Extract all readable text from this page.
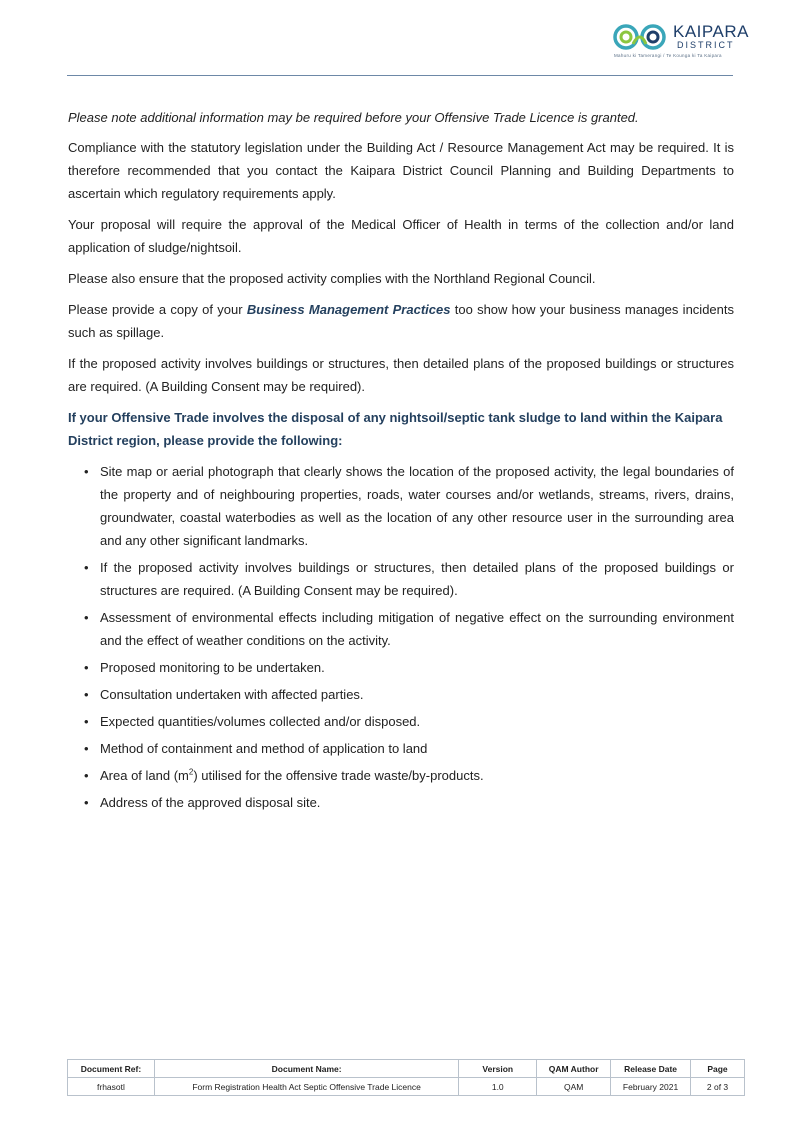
KAIPARA
DISTRICT
Mahuru ki Tamerangi / Te Kounga ki Ta Kaipara

Please note additional information may be required before your Offensive Trade Licence is granted.

Compliance with the statutory legislation under the Building Act / Resource Management Act may be required. It is therefore recommended that you contact the Kaipara District Council Planning and Building Departments to ascertain which regulatory requirements apply.

Your proposal will require the approval of the Medical Officer of Health in terms of the collection and/or land application of sludge/nightsoil.

Please also ensure that the proposed activity complies with the Northland Regional Council.

Please provide a copy of your Business Management Practices too show how your business manages incidents such as spillage.

If the proposed activity involves buildings or structures, then detailed plans of the proposed buildings or structures are required. (A Building Consent may be required).

If your Offensive Trade involves the disposal of any nightsoil/septic tank sludge to land within the Kaipara District region, please provide the following:

• Site map or aerial photograph that clearly shows the location of the proposed activity, the legal boundaries of the property and of neighbouring properties, roads, water courses and/or wetlands, streams, rivers, drains, groundwater, coastal waterbodies as well as the location of any other resource user in the surrounding area and any other significant landmarks.
• If the proposed activity involves buildings or structures, then detailed plans of the proposed buildings or structures are required. (A Building Consent may be required).
• Assessment of environmental effects including mitigation of negative effect on the surrounding environment and the effect of weather conditions on the activity.
• Proposed monitoring to be undertaken.
• Consultation undertaken with affected parties.
• Expected quantities/volumes collected and/or disposed.
• Method of containment and method of application to land
• Area of land $(m^2)$ utilised for the offensive trade waste/by-products.
• Address of the approved disposal site.
Document Ref:	Document Name:	Version	QAM Author	Release Date	Page
frhasotl	Form Registration Health Act Septic Offensive Trade Licence	1.0	QAM	February 2021	2 of 3
